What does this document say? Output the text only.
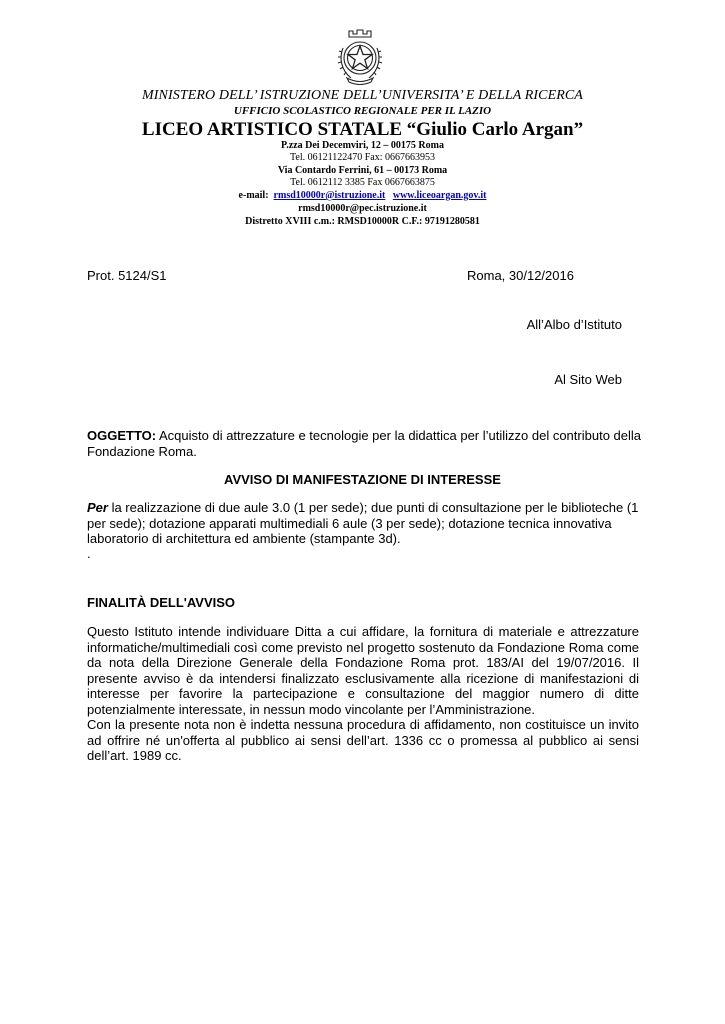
MINISTERO DELL’ ISTRUZIONE DELL’UNIVERSITA’ E DELLA RICERCA
UFFICIO SCOLASTICO REGIONALE PER IL LAZIO
LICEO ARTISTICO STATALE “Giulio Carlo Argan”
P.zza Dei Decemviri, 12 – 00175 Roma
Tel. 06121122470 Fax: 0667663953
Via Contardo Ferrini, 61 – 00173 Roma
Tel. 0612112 3385 Fax 0667663875
e-mail: rmsd10000r@istruzione.it www.liceoargan.gov.it
rmsd10000r@pec.istruzione.it
Distretto XVIII c.m.: RMSD10000R C.F.: 97191280581
Prot. 5124/S1	Roma, 30/12/2016
All’Albo d’Istituto
Al Sito Web
OGGETTO: Acquisto di attrezzature e tecnologie per la didattica per l’utilizzo del contributo della Fondazione Roma.
AVVISO DI MANIFESTAZIONE DI INTERESSE
Per la realizzazione di due aule 3.0 (1 per sede); due punti di consultazione per le biblioteche (1 per sede); dotazione apparati multimediali 6 aule (3 per sede); dotazione tecnica innovativa laboratorio di architettura ed ambiente (stampante 3d).
.
FINALITÀ DELL'AVVISO

Questo Istituto intende individuare Ditta a cui affidare, la fornitura di materiale e attrezzature informatiche/multimediali così come previsto nel progetto sostenuto da Fondazione Roma come da nota della Direzione Generale della Fondazione Roma prot. 183/AI del 19/07/2016. Il presente avviso è da intendersi finalizzato esclusivamente alla ricezione di manifestazioni di interesse per favorire la partecipazione e consultazione del maggior numero di ditte potenzialmente interessate, in nessun modo vincolante per l’Amministrazione.

Con la presente nota non è indetta nessuna procedura di affidamento, non costituisce un invito ad offrire né un'offerta al pubblico ai sensi dell’art. 1336 cc o promessa al pubblico ai sensi dell’art. 1989 cc.
